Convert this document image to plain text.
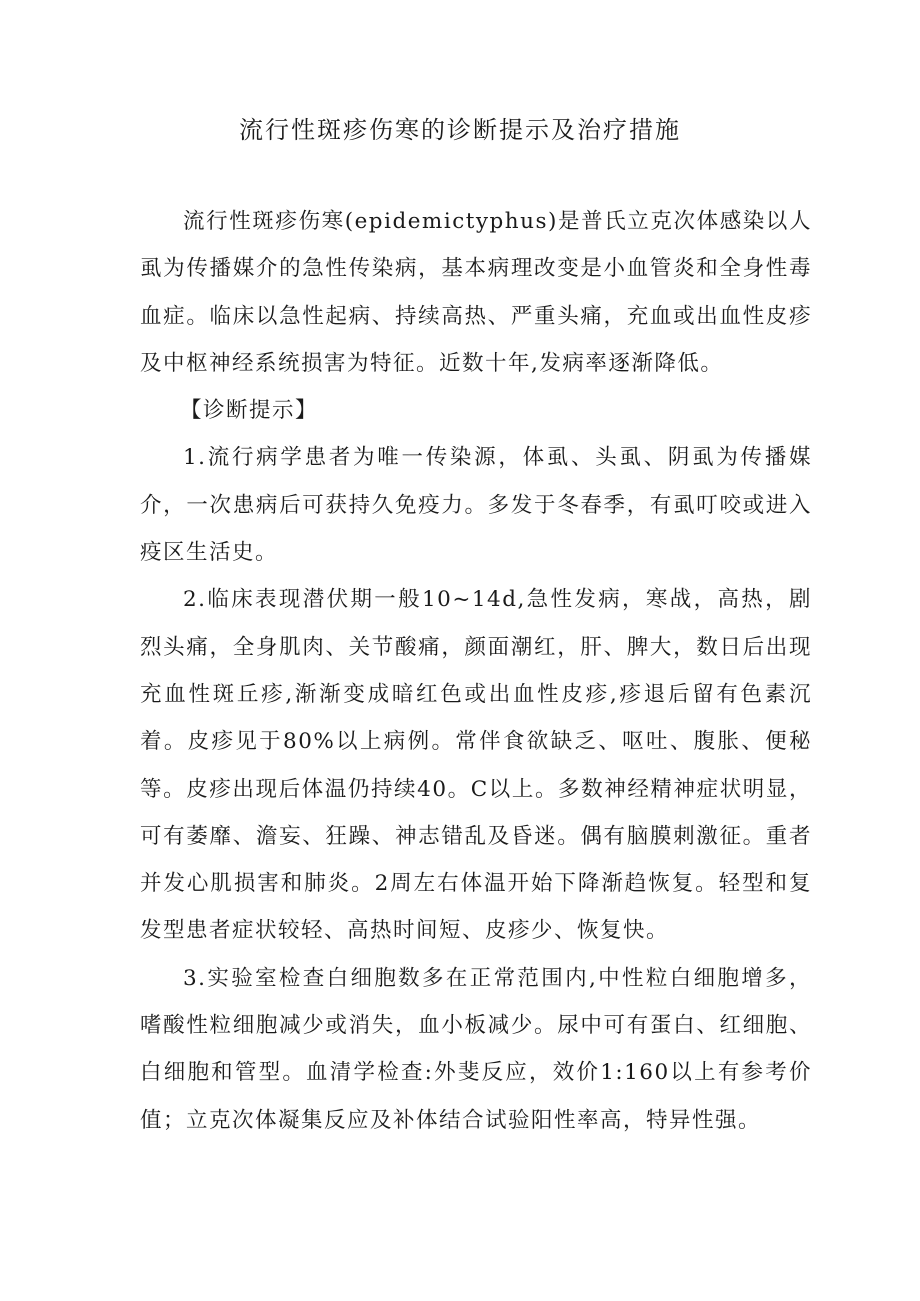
流行性斑疹伤寒的诊断提示及治疗措施

流行性斑疹伤寒(epidemictyphus)是普氏立克次体感染以人虱为传播媒介的急性传染病，基本病理改变是小血管炎和全身性毒血症。临床以急性起病、持续高热、严重头痛，充血或出血性皮疹及中枢神经系统损害为特征。近数十年,发病率逐渐降低。

【诊断提示】

1.流行病学患者为唯一传染源，体虱、头虱、阴虱为传播媒介，一次患病后可获持久免疫力。多发于冬春季，有虱叮咬或进入疫区生活史。

2.临床表现潜伏期一般10~14d,急性发病，寒战，高热，剧烈头痛，全身肌肉、关节酸痛，颜面潮红，肝、脾大，数日后出现充血性斑丘疹,渐渐变成暗红色或出血性皮疹,疹退后留有色素沉着。皮疹见于80%以上病例。常伴食欲缺乏、呕吐、腹胀、便秘等。皮疹出现后体温仍持续40。C以上。多数神经精神症状明显，可有萎靡、澹妄、狂躁、神志错乱及昏迷。偶有脑膜刺激征。重者并发心肌损害和肺炎。2周左右体温开始下降渐趋恢复。轻型和复发型患者症状较轻、高热时间短、皮疹少、恢复快。

3.实验室检查白细胞数多在正常范围内,中性粒白细胞增多，嗜酸性粒细胞减少或消失，血小板减少。尿中可有蛋白、红细胞、白细胞和管型。血清学检查:外斐反应，效价1:160以上有参考价值；立克次体凝集反应及补体结合试验阳性率高，特异性强。
